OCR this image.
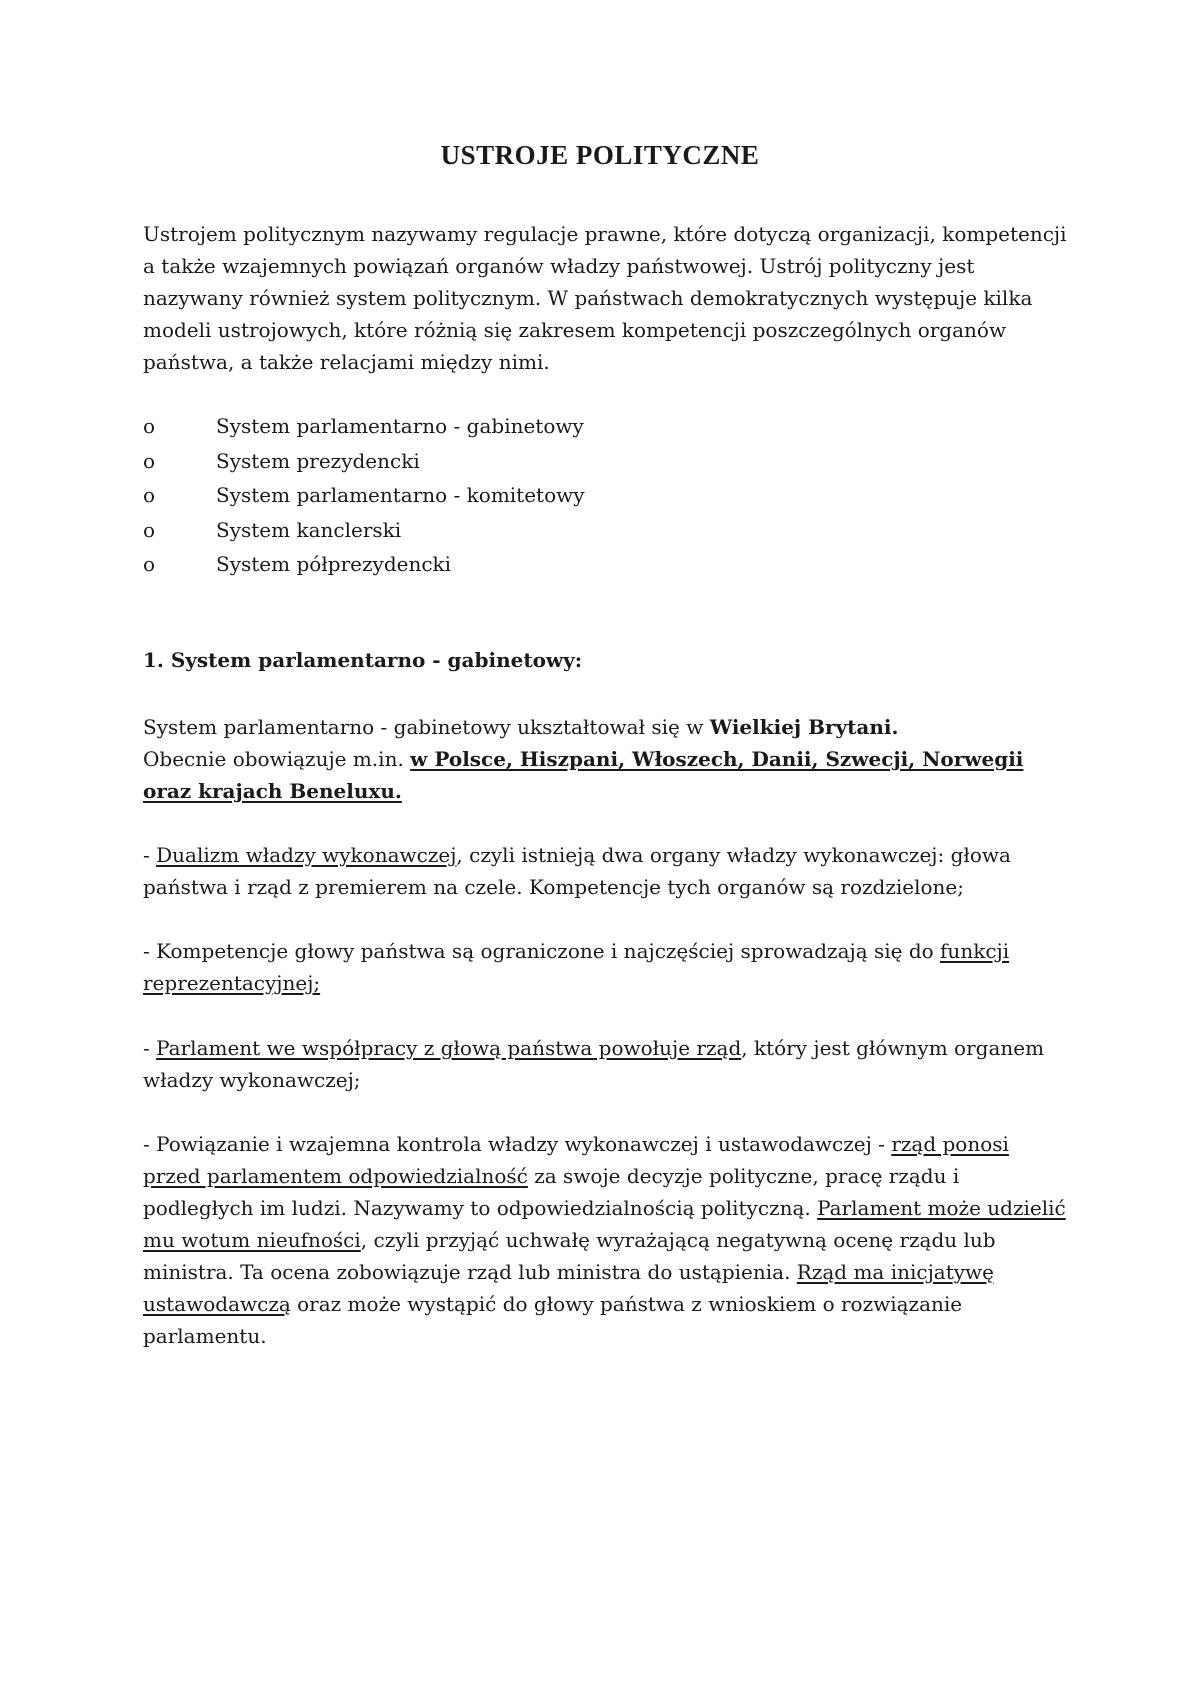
USTROJE POLITYCZNE

Ustrojem politycznym nazywamy regulacje prawne, które dotyczą organizacji, kompetencji a także wzajemnych powiązań organów władzy państwowej. Ustrój polityczny jest nazywany również system politycznym. W państwach demokratycznych występuje kilka modeli ustrojowych, które różnią się zakresem kompetencji poszczególnych organów państwa, a także relacjami między nimi.

o	System parlamentarno - gabinetowy
o	System prezydencki
o	System parlamentarno - komitetowy
o	System kanclerski
o	System półprezydencki
1. System parlamentarno - gabinetowy:
System parlamentarno - gabinetowy ukształtował się w Wielkiej Brytani.
Obecnie obowiązuje m.in. w Polsce, Hiszpani, Włoszech, Danii, Szwecji, Norwegii oraz krajach Beneluxu.

- Dualizm władzy wykonawczej, czyli istnieją dwa organy władzy wykonawczej: głowa państwa i rząd z premierem na czele. Kompetencje tych organów są rozdzielone;

- Kompetencje głowy państwa są ograniczone i najczęściej sprowadzają się do funkcji reprezentacyjnej;

- Parlament we współpracy z głową państwa powołuje rząd, który jest głównym organem władzy wykonawczej;

- Powiązanie i wzajemna kontrola władzy wykonawczej i ustawodawczej - rząd ponosi przed parlamentem odpowiedzialność za swoje decyzje polityczne, pracę rządu i podległych im ludzi. Nazywamy to odpowiedzialnością polityczną. Parlament może udzielić mu wotum nieufności, czyli przyjąć uchwałę wyrażającą negatywną ocenę rządu lub ministra. Ta ocena zobowiązuje rząd lub ministra do ustąpienia. Rząd ma inicjatywę ustawodawczą oraz może wystąpić do głowy państwa z wnioskiem o rozwiązanie parlamentu.
